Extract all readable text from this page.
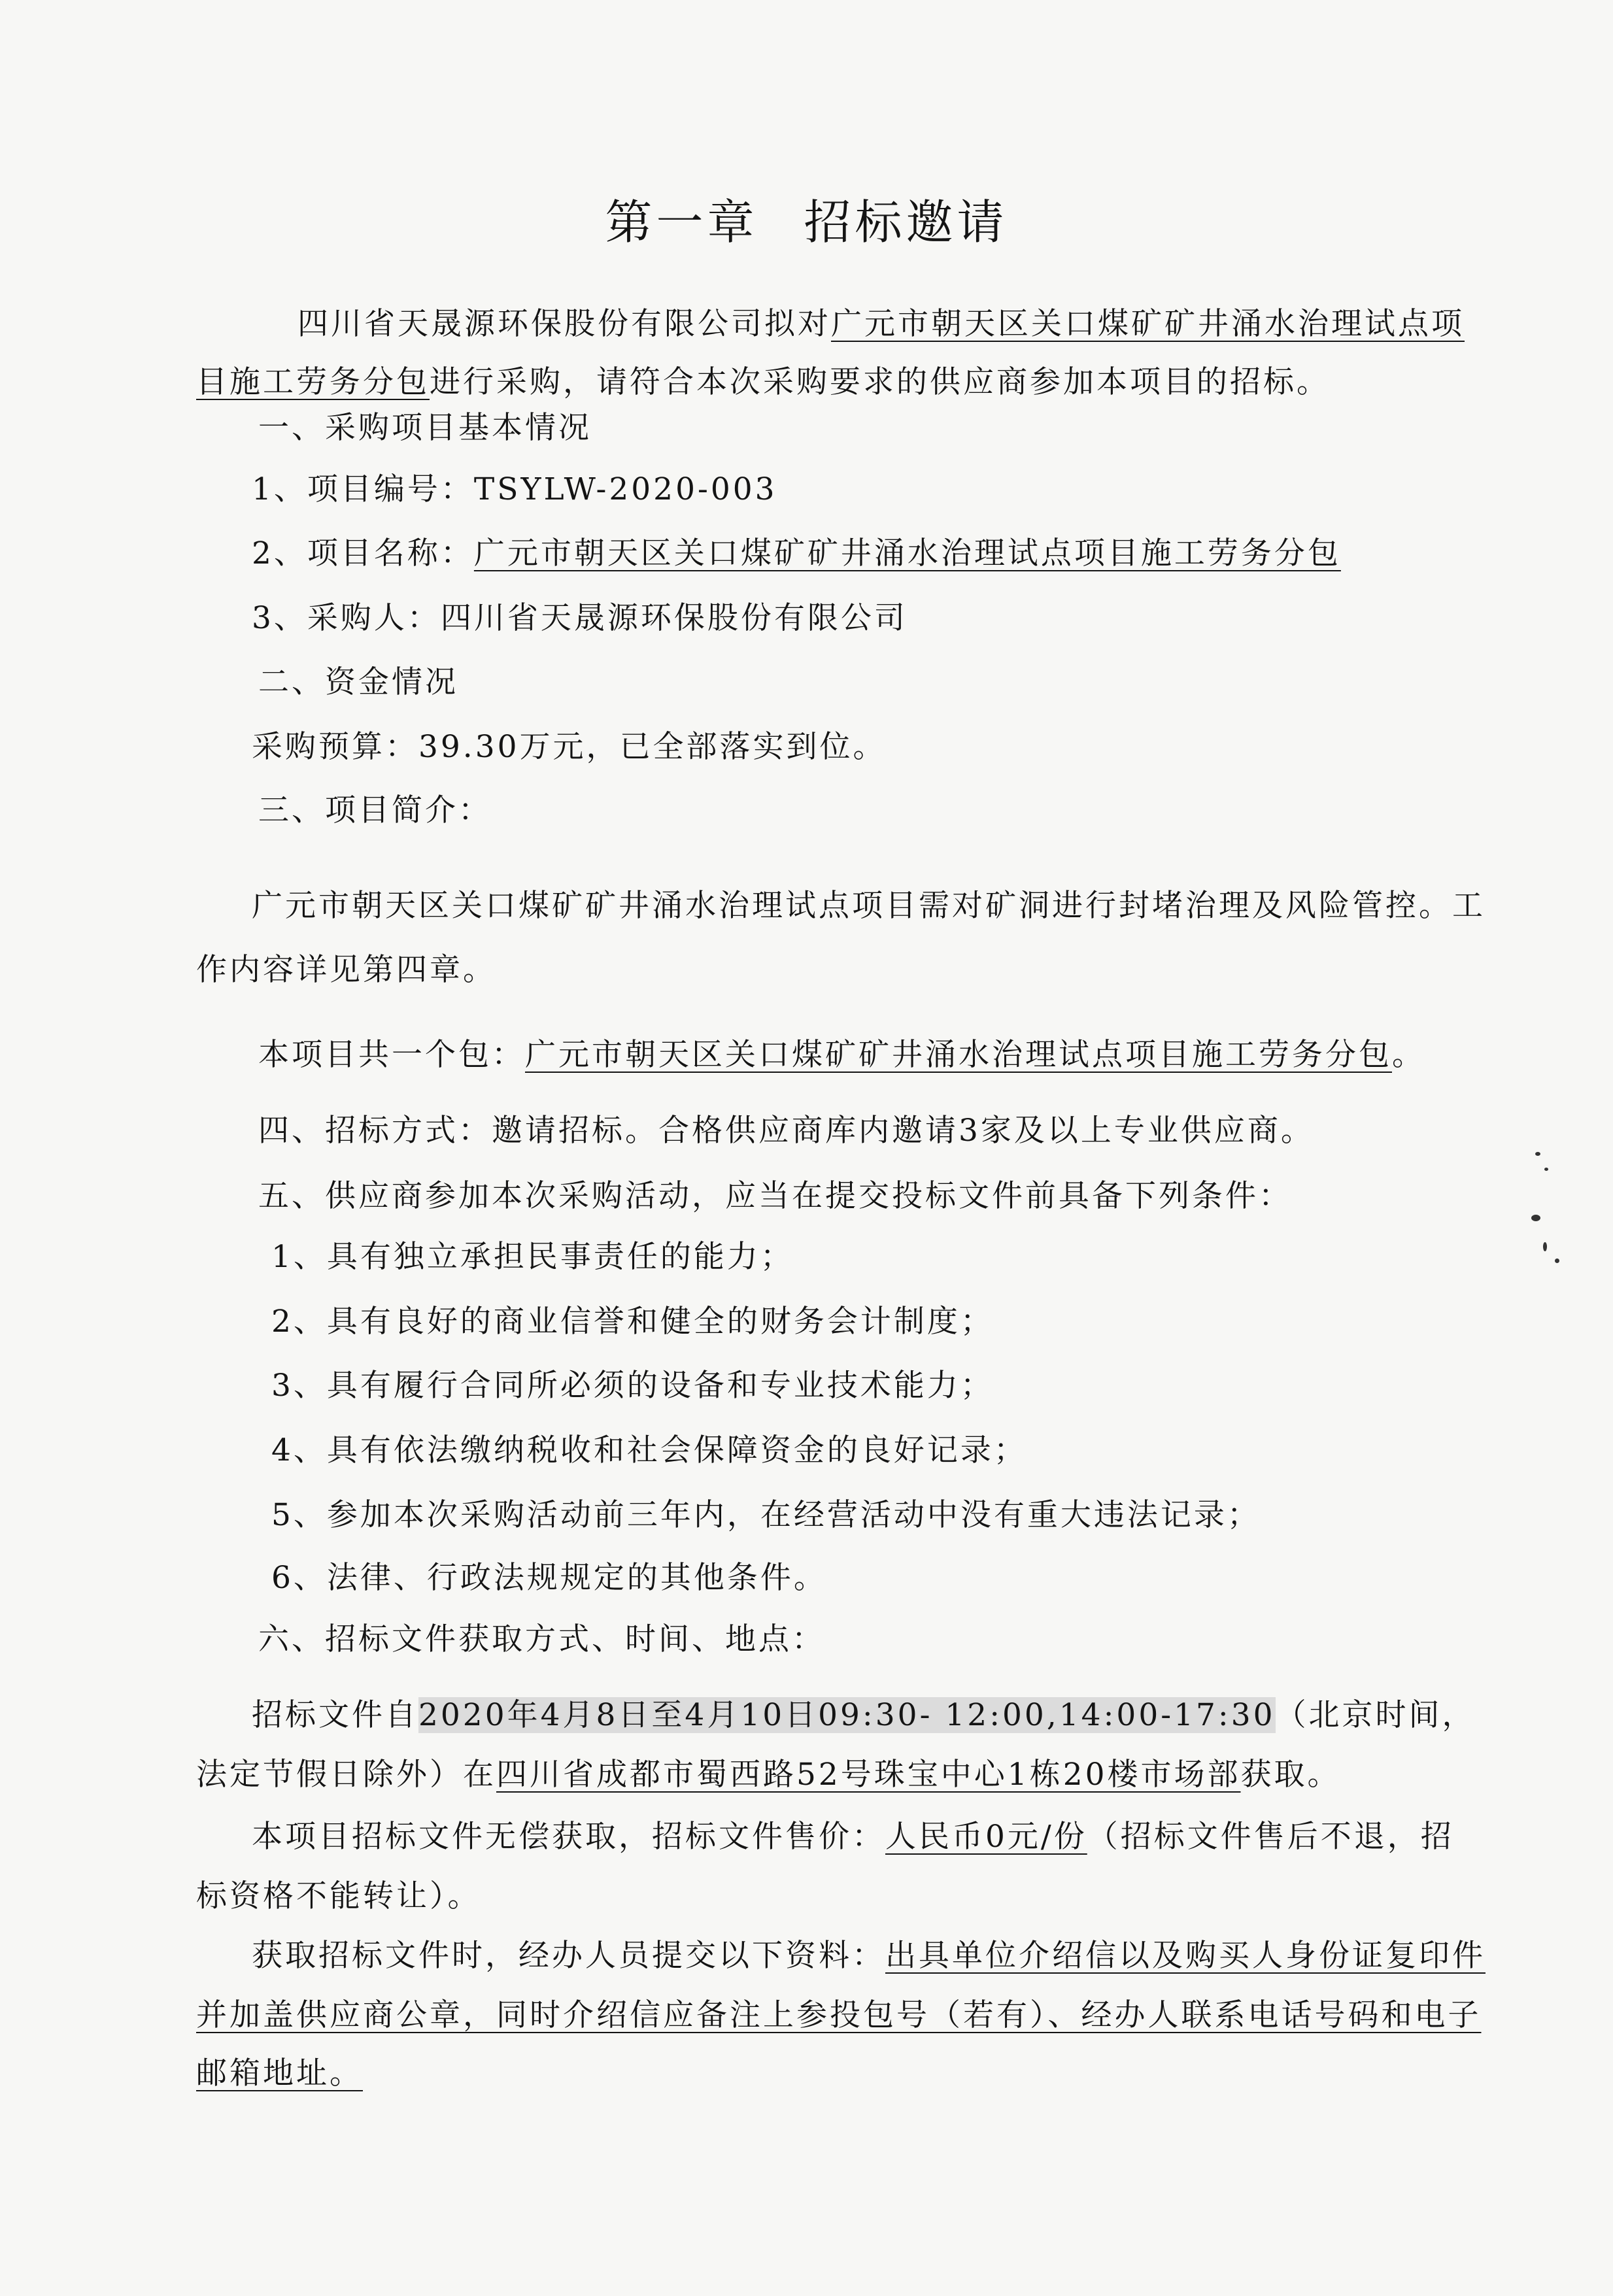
第一章 招标邀请

四川省天晟源环保股份有限公司拟对广元市朝天区关口煤矿矿井涌水治理试点项

目施工劳务分包进行采购，请符合本次采购要求的供应商参加本项目的招标。

一、采购项目基本情况

1、项目编号：TSYLW-2020-003

2、项目名称：广元市朝天区关口煤矿矿井涌水治理试点项目施工劳务分包

3、采购人：四川省天晟源环保股份有限公司

二、资金情况

采购预算：39.30万元，已全部落实到位。

三、项目简介：

广元市朝天区关口煤矿矿井涌水治理试点项目需对矿洞进行封堵治理及风险管控。工

作内容详见第四章。

本项目共一个包：广元市朝天区关口煤矿矿井涌水治理试点项目施工劳务分包。

四、招标方式：邀请招标。合格供应商库内邀请3家及以上专业供应商。

五、供应商参加本次采购活动，应当在提交投标文件前具备下列条件：

1、具有独立承担民事责任的能力；

2、具有良好的商业信誉和健全的财务会计制度；

3、具有履行合同所必须的设备和专业技术能力；

4、具有依法缴纳税收和社会保障资金的良好记录；

5、参加本次采购活动前三年内，在经营活动中没有重大违法记录；

6、法律、行政法规规定的其他条件。

六、招标文件获取方式、时间、地点：

招标文件自2020年4月8日至4月10日09:30- 12:00,14:00-17:30（北京时间，

法定节假日除外）在四川省成都市蜀西路52号珠宝中心1栋20楼市场部获取。

本项目招标文件无偿获取，招标文件售价：人民币0元/份（招标文件售后不退，招

标资格不能转让）。

获取招标文件时，经办人员提交以下资料：出具单位介绍信以及购买人身份证复印件

并加盖供应商公章，同时介绍信应备注上参投包号（若有）、经办人联系电话号码和电子

邮箱地址。
